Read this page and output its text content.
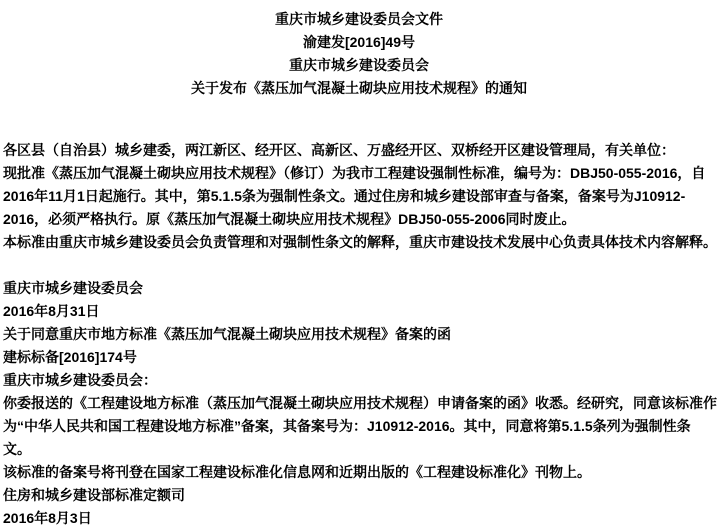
重庆市城乡建设委员会文件
渝建发[2016]49号
重庆市城乡建设委员会
关于发布《蒸压加气混凝土砌块应用技术规程》的通知
各区县（自治县）城乡建委，两江新区、经开区、高新区、万盛经开区、双桥经开区建设管理局，有关单位：
现批准《蒸压加气混凝土砌块应用技术规程》（修订）为我市工程建设强制性标准，编号为：DBJ50-055-2016，自
2016年11月1日起施行。其中，第5.1.5条为强制性条文。通过住房和城乡建设部审查与备案，备案号为J10912-
2016，必须严格执行。原《蒸压加气混凝土砌块应用技术规程》DBJ50-055-2006同时废止。
本标准由重庆市城乡建设委员会负责管理和对强制性条文的解释，重庆市建设技术发展中心负责具体技术内容解释。
重庆市城乡建设委员会
2016年8月31日
关于同意重庆市地方标准《蒸压加气混凝土砌块应用技术规程》备案的函
建标标备[2016]174号
重庆市城乡建设委员会：
你委报送的《工程建设地方标准（蒸压加气混凝土砌块应用技术规程）申请备案的函》收悉。经研究，同意该标准作
为“中华人民共和国工程建设地方标准”备案，其备案号为：J10912-2016。其中，同意将第5.1.5条列为强制性条
文。
该标准的备案号将刊登在国家工程建设标准化信息网和近期出版的《工程建设标准化》刊物上。
住房和城乡建设部标准定额司
2016年8月3日
